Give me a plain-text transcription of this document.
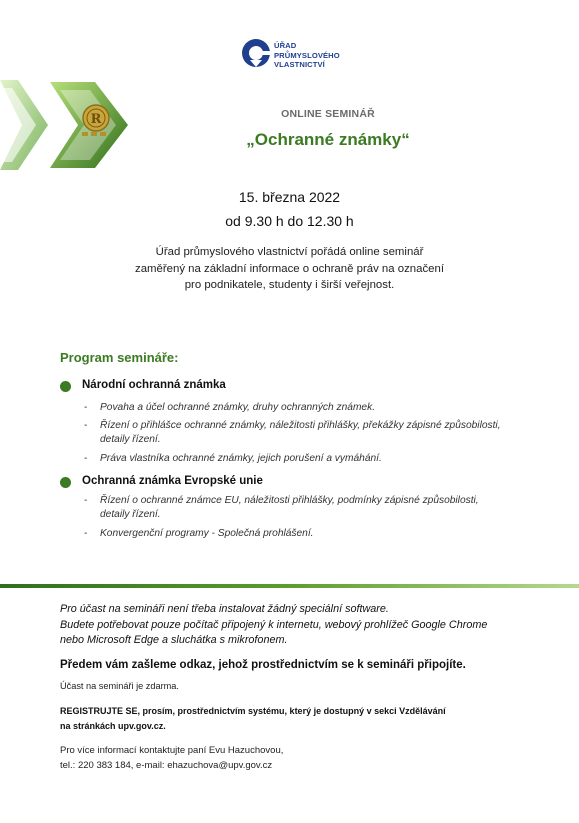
ÚŘAD
PRŮMYSLOVÉHO
VLASTNICTVÍ
R	ONLINE SEMINÁŘ
„Ochranné známky“
15. března 2022
od 9.30 h do 12.30 h
Úřad průmyslového vlastnictví pořádá online seminář
zaměřený na základní informace o ochraně práv na označení
pro podnikatele, studenty i širší veřejnost.
Program semináře:
Národní ochranná známka
- Povaha a účel ochranné známky, druhy ochranných známek.
- Řízení o přihlášce ochranné známky, náležitosti přihlášky, překážky zápisné způsobilosti,
detaily řízení.
- Práva vlastníka ochranné známky, jejich porušení a vymáhání.
Ochranná známka Evropské unie
- Řízení o ochranné známce EU, náležitosti přihlášky, podmínky zápisné způsobilosti,
detaily řízení.
- Konvergenční programy - Společná prohlášení.
Pro účast na semináři není třeba instalovat žádný speciální software.
Budete potřebovat pouze počítač připojený k internetu, webový prohlížeč Google Chrome
nebo Microsoft Edge a sluchátka s mikrofonem.
Předem vám zašleme odkaz, jehož prostřednictvím se k semináři připojíte.
Účast na semináři je zdarma.
REGISTRUJTE SE, prosím, prostřednictvím systému, který je dostupný v sekci Vzdělávání
na stránkách upv.gov.cz.
Pro více informací kontaktujte paní Evu Hazuchovou,
tel.: 220 383 184, e-mail: ehazuchova@upv.gov.cz
